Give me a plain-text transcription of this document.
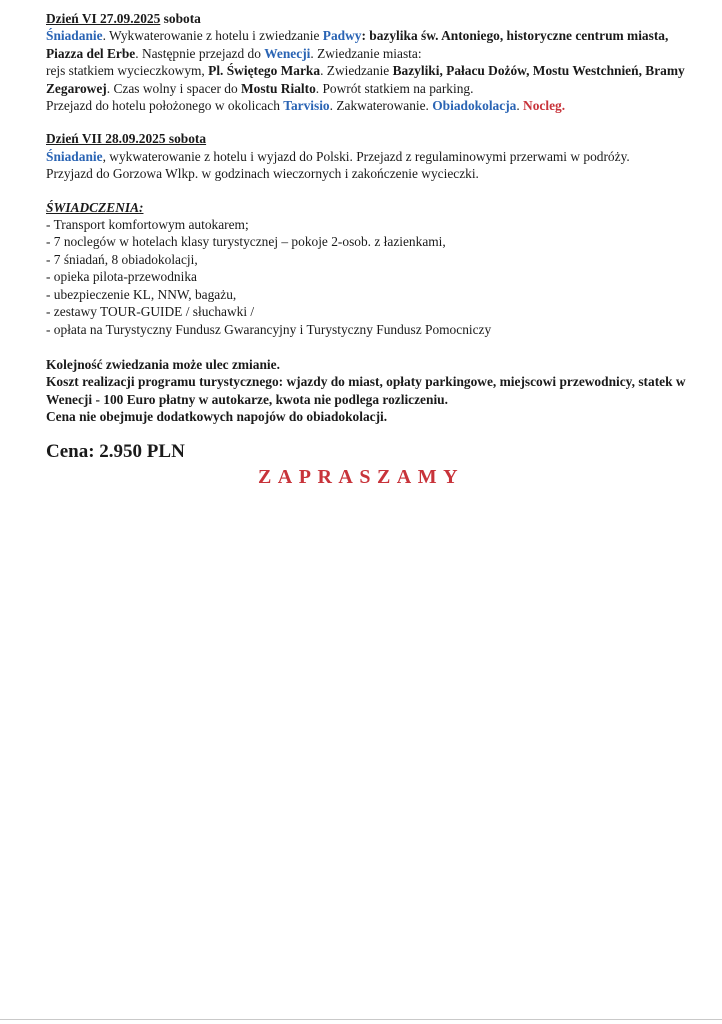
Dzień VI 27.09.2025 sobota

Śniadanie. Wykwaterowanie z hotelu i zwiedzanie Padwy: bazylika św. Antoniego, historyczne centrum miasta, Piazza del Erbe. Następnie przejazd do Wenecji. Zwiedzanie miasta:
rejs statkiem wycieczkowym, Pl. Świętego Marka. Zwiedzanie Bazyliki, Pałacu Dożów, Mostu Westchnień, Bramy Zegarowej. Czas wolny i spacer do Mostu Rialto. Powrót statkiem na parking.
Przejazd do hotelu położonego w okolicach Tarvisio. Zakwaterowanie. Obiadokolacja. Nocleg.

Dzień VII 28.09.2025 sobota

Śniadanie, wykwaterowanie z hotelu i wyjazd do Polski. Przejazd z regulaminowymi przerwami w podróży.
Przyjazd do Gorzowa Wlkp. w godzinach wieczornych i zakończenie wycieczki.

ŚWIADCZENIA:

- Transport komfortowym autokarem;
- 7 noclegów w hotelach klasy turystycznej – pokoje 2-osob. z łazienkami,
- 7 śniadań, 8 obiadokolacji,
- opieka pilota-przewodnika
- ubezpieczenie KL, NNW, bagażu,
- zestawy TOUR-GUIDE / słuchawki /
- opłata na Turystyczny Fundusz Gwarancyjny i Turystyczny Fundusz Pomocniczy

Kolejność zwiedzania może ulec zmianie.

Koszt realizacji programu turystycznego: wjazdy do miast, opłaty parkingowe, miejscowi przewodnicy, statek w Wenecji - 100 Euro płatny w autokarze, kwota nie podlega rozliczeniu.

Cena nie obejmuje dodatkowych napojów do obiadokolacji.

Cena: 2.950 PLN

ZAPRASZAMY
